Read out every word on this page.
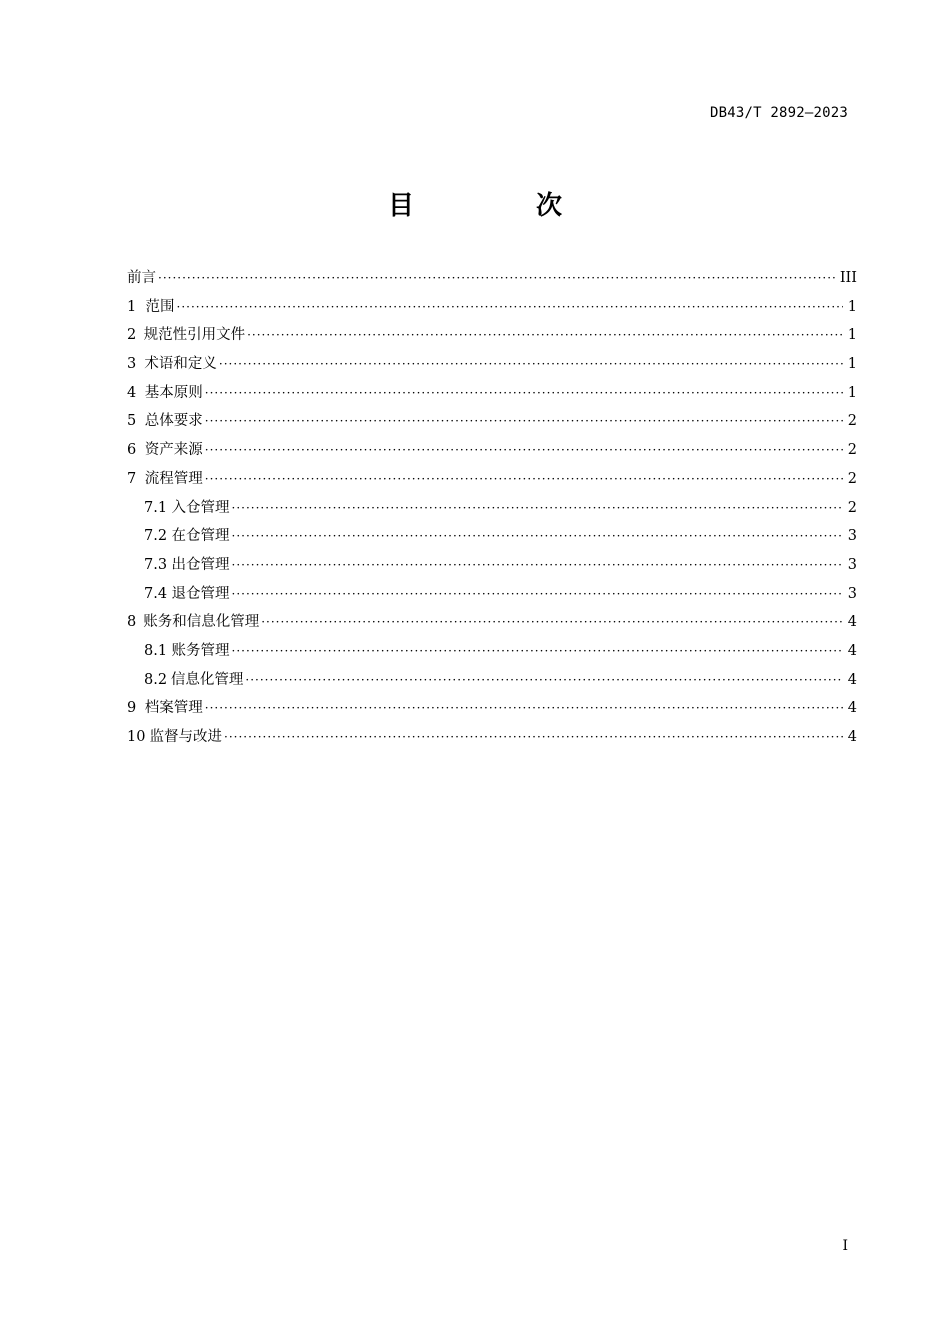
DB43/T 2892—2023
目　次
前言 ·····	III
1 范围 ·····	1
2 规范性引用文件 ·····	1
3 术语和定义 ·····	1
4 基本原则 ·····	1
5 总体要求 ·····	2
6 资产来源 ·····	2
7 流程管理 ·····	2
7.1 入仓管理 ·····	2
7.2 在仓管理 ·····	3
7.3 出仓管理 ·····	3
7.4 退仓管理 ·····	3
8 账务和信息化管理 ·····	4
8.1 账务管理 ·····	4
8.2 信息化管理 ·····	4
9 档案管理 ·····	4
10 监督与改进 ·····	4
I
